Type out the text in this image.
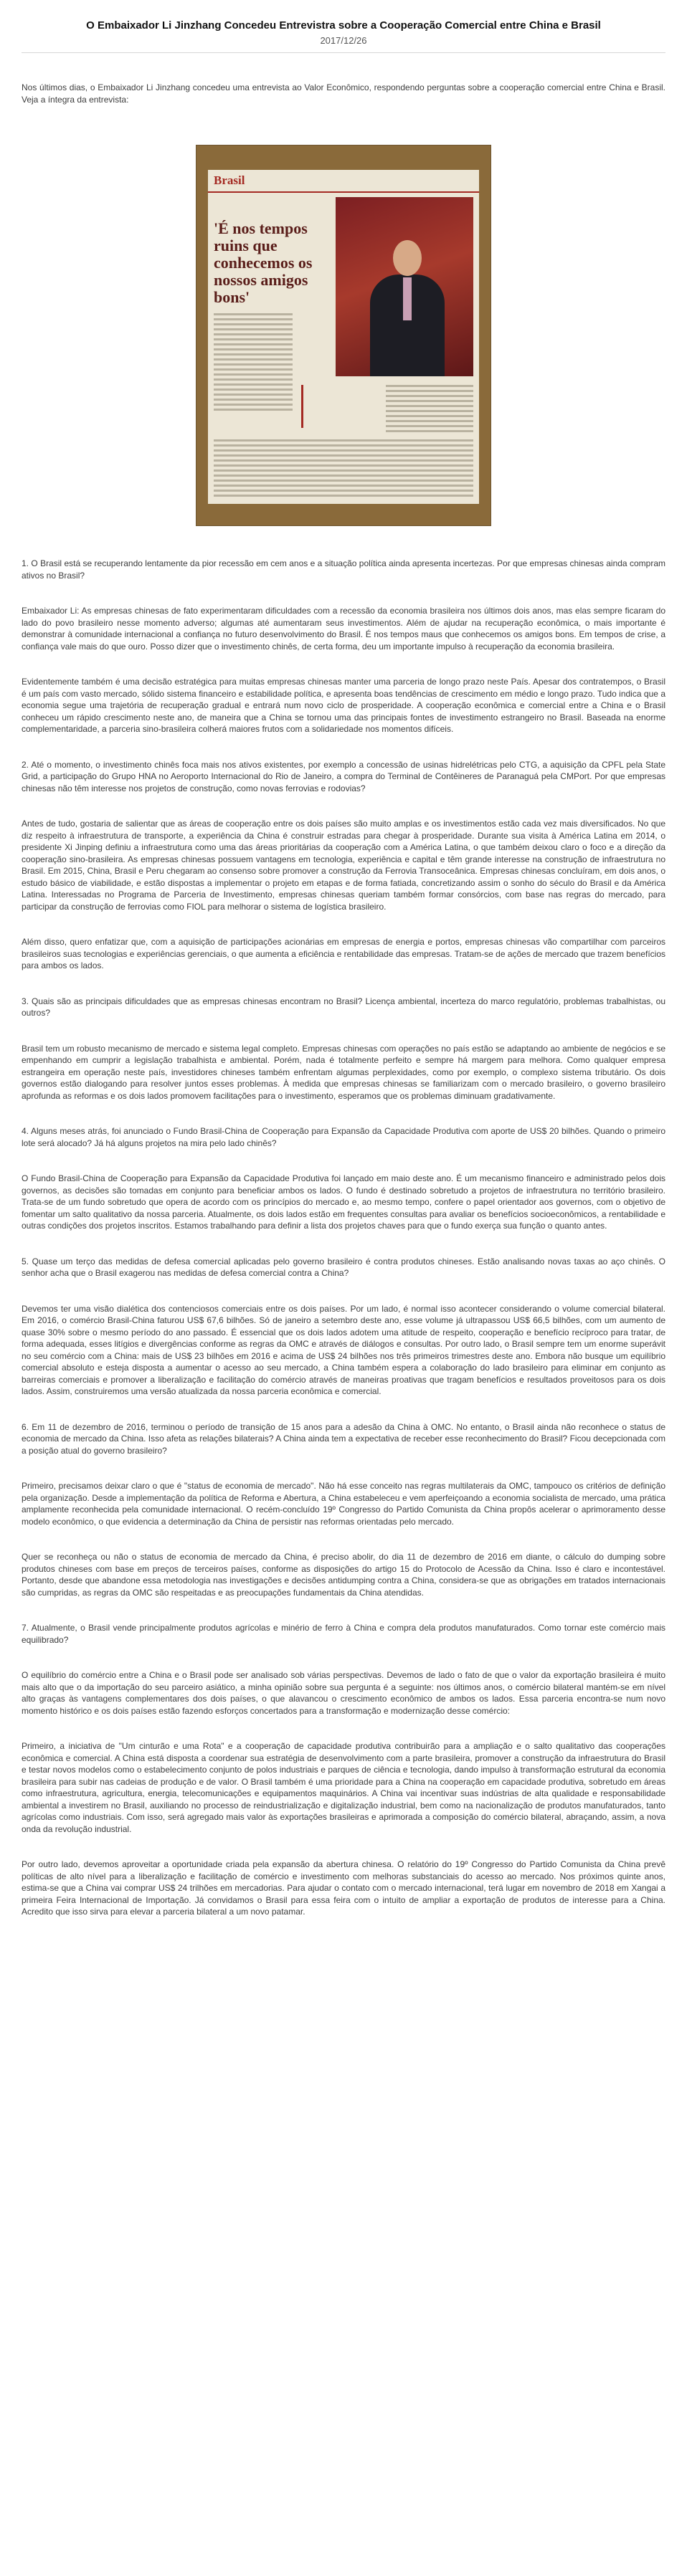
O Embaixador Li Jinzhang Concedeu Entrevistra sobre a Cooperação Comercial entre China e Brasil
2017/12/26

Nos últimos dias, o Embaixador Li Jinzhang concedeu uma entrevista ao Valor Econômico, respondendo perguntas sobre a cooperação comercial entre China e Brasil. Veja a íntegra da entrevista:

Brasil
'É nos tempos ruins que conhecemos os nossos amigos bons'

1. O Brasil está se recuperando lentamente da pior recessão em cem anos e a situação política ainda apresenta incertezas. Por que empresas chinesas ainda compram ativos no Brasil?

Embaixador Li: As empresas chinesas de fato experimentaram dificuldades com a recessão da economia brasileira nos últimos dois anos, mas elas sempre ficaram do lado do povo brasileiro nesse momento adverso; algumas até aumentaram seus investimentos. Além de ajudar na recuperação econômica, o mais importante é demonstrar à comunidade internacional a confiança no futuro desenvolvimento do Brasil. É nos tempos maus que conhecemos os amigos bons. Em tempos de crise, a confiança vale mais do que ouro. Posso dizer que o investimento chinês, de certa forma, deu um importante impulso à recuperação da economia brasileira.

Evidentemente também é uma decisão estratégica para muitas empresas chinesas manter uma parceria de longo prazo neste País. Apesar dos contratempos, o Brasil é um país com vasto mercado, sólido sistema financeiro e estabilidade política, e apresenta boas tendências de crescimento em médio e longo prazo. Tudo indica que a economia segue uma trajetória de recuperação gradual e entrará num novo ciclo de prosperidade. A cooperação econômica e comercial entre a China e o Brasil conheceu um rápido crescimento neste ano, de maneira que a China se tornou uma das principais fontes de investimento estrangeiro no Brasil. Baseada na enorme complementaridade, a parceria sino-brasileira colherá maiores frutos com a solidariedade nos momentos difíceis.

2. Até o momento, o investimento chinês foca mais nos ativos existentes, por exemplo a concessão de usinas hidrelétricas pelo CTG, a aquisição da CPFL pela State Grid, a participação do Grupo HNA no Aeroporto Internacional do Rio de Janeiro, a compra do Terminal de Contêineres de Paranaguá pela CMPort. Por que empresas chinesas não têm interesse nos projetos de construção, como novas ferrovias e rodovias?

Antes de tudo, gostaria de salientar que as áreas de cooperação entre os dois países são muito amplas e os investimentos estão cada vez mais diversificados. No que diz respeito à infraestrutura de transporte, a experiência da China é construir estradas para chegar à prosperidade. Durante sua visita à América Latina em 2014, o presidente Xi Jinping definiu a infraestrutura como uma das áreas prioritárias da cooperação com a América Latina, o que também deixou claro o foco e a direção da cooperação sino-brasileira. As empresas chinesas possuem vantagens em tecnologia, experiência e capital e têm grande interesse na construção de infraestrutura no Brasil. Em 2015, China, Brasil e Peru chegaram ao consenso sobre promover a construção da Ferrovia Transoceânica. Empresas chinesas concluíram, em dois anos, o estudo básico de viabilidade, e estão dispostas a implementar o projeto em etapas e de forma fatiada, concretizando assim o sonho do século do Brasil e da América Latina. Interessadas no Programa de Parceria de Investimento, empresas chinesas queriam também formar consórcios, com base nas regras do mercado, para participar da construção de ferrovias como FIOL para melhorar o sistema de logística brasileiro.

Além disso, quero enfatizar que, com a aquisição de participações acionárias em empresas de energia e portos, empresas chinesas vão compartilhar com parceiros brasileiros suas tecnologias e experiências gerenciais, o que aumenta a eficiência e rentabilidade das empresas. Tratam-se de ações de mercado que trazem benefícios para ambos os lados.

3. Quais são as principais dificuldades que as empresas chinesas encontram no Brasil? Licença ambiental, incerteza do marco regulatório, problemas trabalhistas, ou outros?

Brasil tem um robusto mecanismo de mercado e sistema legal completo. Empresas chinesas com operações no país estão se adaptando ao ambiente de negócios e se empenhando em cumprir a legislação trabalhista e ambiental. Porém, nada é totalmente perfeito e sempre há margem para melhora. Como qualquer empresa estrangeira em operação neste país, investidores chineses também enfrentam algumas perplexidades, como por exemplo, o complexo sistema tributário. Os dois governos estão dialogando para resolver juntos esses problemas. À medida que empresas chinesas se familiarizam com o mercado brasileiro, o governo brasileiro aprofunda as reformas e os dois lados promovem facilitações para o investimento, esperamos que os problemas diminuam gradativamente.

4. Alguns meses atrás, foi anunciado o Fundo Brasil-China de Cooperação para Expansão da Capacidade Produtiva com aporte de US$ 20 bilhões. Quando o primeiro lote será alocado? Já há alguns projetos na mira pelo lado chinês?

O Fundo Brasil-China de Cooperação para Expansão da Capacidade Produtiva foi lançado em maio deste ano. É um mecanismo financeiro e administrado pelos dois governos, as decisões são tomadas em conjunto para beneficiar ambos os lados. O fundo é destinado sobretudo a projetos de infraestrutura no território brasileiro. Trata-se de um fundo sobretudo que opera de acordo com os princípios do mercado e, ao mesmo tempo, confere o papel orientador aos governos, com o objetivo de fomentar um salto qualitativo da nossa parceria. Atualmente, os dois lados estão em frequentes consultas para avaliar os benefícios socioeconômicos, a rentabilidade e outras condições dos projetos inscritos. Estamos trabalhando para definir a lista dos projetos chaves para que o fundo exerça sua função o quanto antes.

5. Quase um terço das medidas de defesa comercial aplicadas pelo governo brasileiro é contra produtos chineses. Estão analisando novas taxas ao aço chinês. O senhor acha que o Brasil exagerou nas medidas de defesa comercial contra a China?

Devemos ter uma visão dialética dos contenciosos comerciais entre os dois países. Por um lado, é normal isso acontecer considerando o volume comercial bilateral. Em 2016, o comércio Brasil-China faturou US$ 67,6 bilhões. Só de janeiro a setembro deste ano, esse volume já ultrapassou US$ 66,5 bilhões, com um aumento de quase 30% sobre o mesmo período do ano passado. É essencial que os dois lados adotem uma atitude de respeito, cooperação e benefício recíproco para tratar, de forma adequada, esses litígios e divergências conforme as regras da OMC e através de diálogos e consultas. Por outro lado, o Brasil sempre tem um enorme superávit no seu comércio com a China: mais de US$ 23 bilhões em 2016 e acima de US$ 24 bilhões nos três primeiros trimestres deste ano. Embora não busque um equilíbrio comercial absoluto e esteja disposta a aumentar o acesso ao seu mercado, a China também espera a colaboração do lado brasileiro para eliminar em conjunto as barreiras comerciais e promover a liberalização e facilitação do comércio através de maneiras proativas que tragam benefícios e resultados proveitosos para os dois lados. Assim, construiremos uma versão atualizada da nossa parceria econômica e comercial.

6. Em 11 de dezembro de 2016, terminou o período de transição de 15 anos para a adesão da China à OMC. No entanto, o Brasil ainda não reconhece o status de economia de mercado da China. Isso afeta as relações bilaterais? A China ainda tem a expectativa de receber esse reconhecimento do Brasil? Ficou decepcionada com a posição atual do governo brasileiro?

Primeiro, precisamos deixar claro o que é "status de economia de mercado". Não há esse conceito nas regras multilaterais da OMC, tampouco os critérios de definição pela organização. Desde a implementação da política de Reforma e Abertura, a China estabeleceu e vem aperfeiçoando a economia socialista de mercado, uma prática amplamente reconhecida pela comunidade internacional. O recém-concluído 19º Congresso do Partido Comunista da China propôs acelerar o aprimoramento desse modelo econômico, o que evidencia a determinação da China de persistir nas reformas orientadas pelo mercado.

Quer se reconheça ou não o status de economia de mercado da China, é preciso abolir, do dia 11 de dezembro de 2016 em diante, o cálculo do dumping sobre produtos chineses com base em preços de terceiros países, conforme as disposições do artigo 15 do Protocolo de Acessão da China. Isso é claro e incontestável. Portanto, desde que abandone essa metodologia nas investigações e decisões antidumping contra a China, considera-se que as obrigações em tratados internacionais são cumpridas, as regras da OMC são respeitadas e as preocupações fundamentais da China atendidas.

7. Atualmente, o Brasil vende principalmente produtos agrícolas e minério de ferro à China e compra dela produtos manufaturados. Como tornar este comércio mais equilibrado?

O equilíbrio do comércio entre a China e o Brasil pode ser analisado sob várias perspectivas. Devemos de lado o fato de que o valor da exportação brasileira é muito mais alto que o da importação do seu parceiro asiático, a minha opinião sobre sua pergunta é a seguinte: nos últimos anos, o comércio bilateral mantém-se em nível alto graças às vantagens complementares dos dois países, o que alavancou o crescimento econômico de ambos os lados. Essa parceria encontra-se num novo momento histórico e os dois países estão fazendo esforços concertados para a transformação e modernização desse comércio:

Primeiro, a iniciativa de "Um cinturão e uma Rota" e a cooperação de capacidade produtiva contribuirão para a ampliação e o salto qualitativo das cooperações econômica e comercial. A China está disposta a coordenar sua estratégia de desenvolvimento com a parte brasileira, promover a construção da infraestrutura do Brasil e testar novos modelos como o estabelecimento conjunto de polos industriais e parques de ciência e tecnologia, dando impulso à transformação estrutural da economia brasileira para subir nas cadeias de produção e de valor. O Brasil também é uma prioridade para a China na cooperação em capacidade produtiva, sobretudo em áreas como infraestrutura, agricultura, energia, telecomunicações e equipamentos maquinários. A China vai incentivar suas indústrias de alta qualidade e responsabilidade ambiental a investirem no Brasil, auxiliando no processo de reindustrialização e digitalização industrial, bem como na nacionalização de produtos manufaturados, tanto agrícolas como industriais. Com isso, será agregado mais valor às exportações brasileiras e aprimorada a composição do comércio bilateral, abraçando, assim, a nova onda da revolução industrial.

Por outro lado, devemos aproveitar a oportunidade criada pela expansão da abertura chinesa. O relatório do 19º Congresso do Partido Comunista da China prevê políticas de alto nível para a liberalização e facilitação de comércio e investimento com melhoras substanciais do acesso ao mercado. Nos próximos quinte anos, estima-se que a China vai comprar US$ 24 trilhões em mercadorias. Para ajudar o contato com o mercado internacional, terá lugar em novembro de 2018 em Xangai a primeira Feira Internacional de Importação. Já convidamos o Brasil para essa feira com o intuito de ampliar a exportação de produtos de interesse para a China. Acredito que isso sirva para elevar a parceria bilateral a um novo patamar.
